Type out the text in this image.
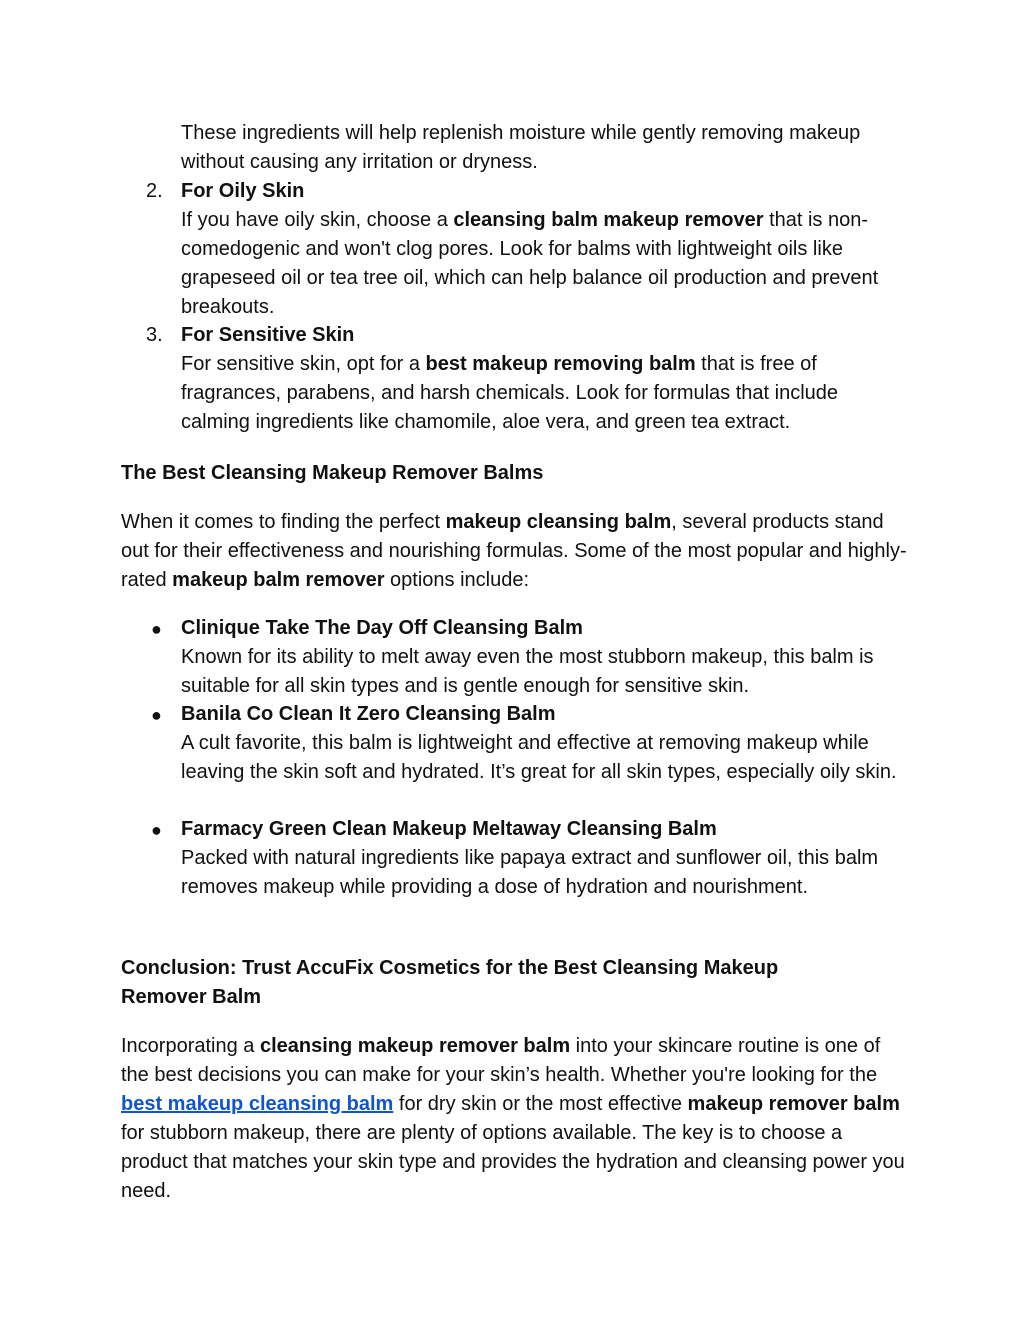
These ingredients will help replenish moisture while gently removing makeup without causing any irritation or dryness.

2. For Oily Skin

If you have oily skin, choose a cleansing balm makeup remover that is non-comedogenic and won't clog pores. Look for balms with lightweight oils like grapeseed oil or tea tree oil, which can help balance oil production and prevent breakouts.

3. For Sensitive Skin

For sensitive skin, opt for a best makeup removing balm that is free of fragrances, parabens, and harsh chemicals. Look for formulas that include calming ingredients like chamomile, aloe vera, and green tea extract.

The Best Cleansing Makeup Remover Balms

When it comes to finding the perfect makeup cleansing balm, several products stand out for their effectiveness and nourishing formulas. Some of the most popular and highly-rated makeup balm remover options include:

● Clinique Take The Day Off Cleansing Balm

Known for its ability to melt away even the most stubborn makeup, this balm is suitable for all skin types and is gentle enough for sensitive skin.

● Banila Co Clean It Zero Cleansing Balm

A cult favorite, this balm is lightweight and effective at removing makeup while leaving the skin soft and hydrated. It’s great for all skin types, especially oily skin.

● Farmacy Green Clean Makeup Meltaway Cleansing Balm

Packed with natural ingredients like papaya extract and sunflower oil, this balm removes makeup while providing a dose of hydration and nourishment.

Conclusion: Trust AccuFix Cosmetics for the Best Cleansing Makeup Remover Balm

Incorporating a cleansing makeup remover balm into your skincare routine is one of the best decisions you can make for your skin’s health. Whether you're looking for the best makeup cleansing balm for dry skin or the most effective makeup remover balm for stubborn makeup, there are plenty of options available. The key is to choose a product that matches your skin type and provides the hydration and cleansing power you need.
